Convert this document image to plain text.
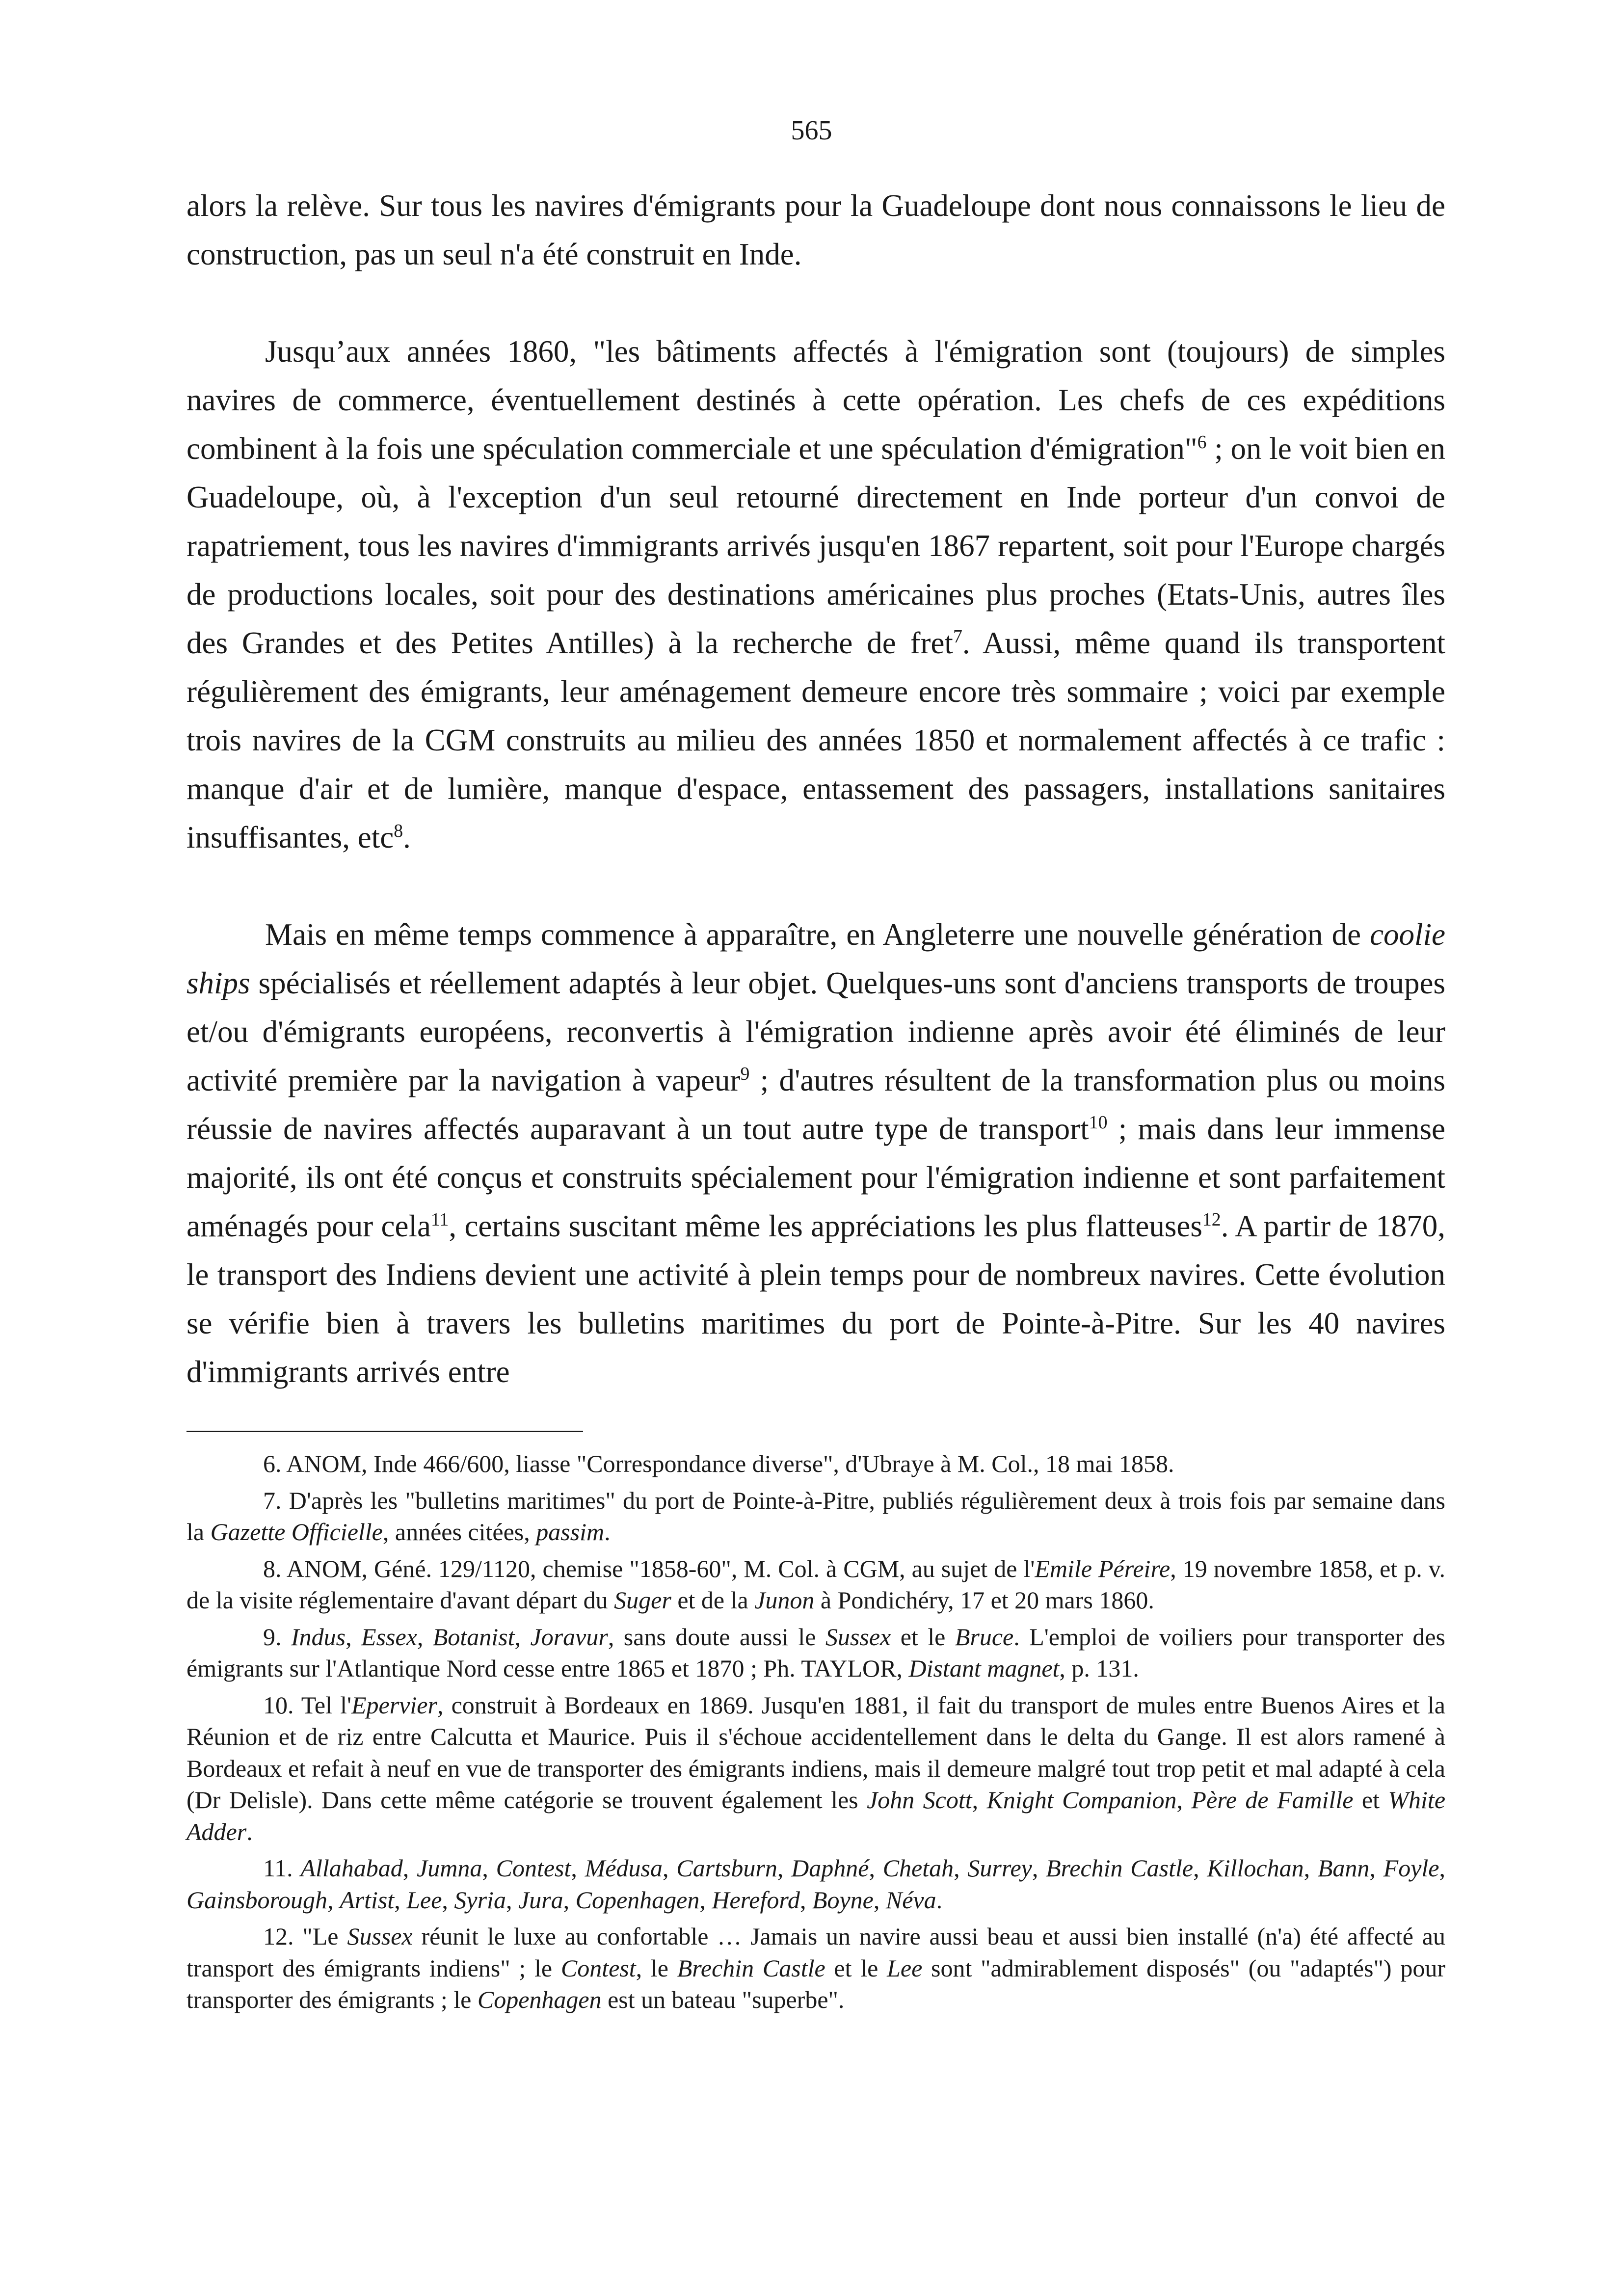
565

alors la relève. Sur tous les navires d'émigrants pour la Guadeloupe dont nous connaissons le lieu de construction, pas un seul n'a été construit en Inde.

Jusqu’aux années 1860, "les bâtiments affectés à l'émigration sont (toujours) de simples navires de commerce, éventuellement destinés à cette opération. Les chefs de ces expéditions combinent à la fois une spéculation commerciale et une spéculation d'émigration"$^6$ ; on le voit bien en Guadeloupe, où, à l'exception d'un seul retourné directement en Inde porteur d'un convoi de rapatriement, tous les navires d'immigrants arrivés jusqu'en 1867 repartent, soit pour l'Europe chargés de productions locales, soit pour des destinations américaines plus proches (Etats-Unis, autres îles des Grandes et des Petites Antilles) à la recherche de fret$^7$. Aussi, même quand ils transportent régulièrement des émigrants, leur aménagement demeure encore très sommaire ; voici par exemple trois navires de la CGM construits au milieu des années 1850 et normalement affectés à ce trafic : manque d'air et de lumière, manque d'espace, entassement des passagers, installations sanitaires insuffisantes, etc$^8$.

Mais en même temps commence à apparaître, en Angleterre une nouvelle génération de coolie ships spécialisés et réellement adaptés à leur objet. Quelques-uns sont d'anciens transports de troupes et/ou d'émigrants européens, reconvertis à l'émigration indienne après avoir été éliminés de leur activité première par la navigation à vapeur$^9$ ; d'autres résultent de la transformation plus ou moins réussie de navires affectés auparavant à un tout autre type de transport$^{10}$ ; mais dans leur immense majorité, ils ont été conçus et construits spécialement pour l'émigration indienne et sont parfaitement aménagés pour cela$^{11}$, certains suscitant même les appréciations les plus flatteuses$^{12}$. A partir de 1870, le transport des Indiens devient une activité à plein temps pour de nombreux navires. Cette évolution se vérifie bien à travers les bulletins maritimes du port de Pointe-à-Pitre. Sur les 40 navires d'immigrants arrivés entre

6. ANOM, Inde 466/600, liasse "Correspondance diverse", d'Ubraye à M. Col., 18 mai 1858.

7. D'après les "bulletins maritimes" du port de Pointe-à-Pitre, publiés régulièrement deux à trois fois par semaine dans la Gazette Officielle, années citées, passim.

8. ANOM, Géné. 129/1120, chemise "1858-60", M. Col. à CGM, au sujet de l'Emile Péreire, 19 novembre 1858, et p. v. de la visite réglementaire d'avant départ du Suger et de la Junon à Pondichéry, 17 et 20 mars 1860.

9. Indus, Essex, Botanist, Joravur, sans doute aussi le Sussex et le Bruce. L'emploi de voiliers pour transporter des émigrants sur l'Atlantique Nord cesse entre 1865 et 1870 ; Ph. TAYLOR, Distant magnet, p. 131.

10. Tel l'Epervier, construit à Bordeaux en 1869. Jusqu'en 1881, il fait du transport de mules entre Buenos Aires et la Réunion et de riz entre Calcutta et Maurice. Puis il s'échoue accidentellement dans le delta du Gange. Il est alors ramené à Bordeaux et refait à neuf en vue de transporter des émigrants indiens, mais il demeure malgré tout trop petit et mal adapté à cela (Dr Delisle). Dans cette même catégorie se trouvent également les John Scott, Knight Companion, Père de Famille et White Adder.

11. Allahabad, Jumna, Contest, Médusa, Cartsburn, Daphné, Chetah, Surrey, Brechin Castle, Killochan, Bann, Foyle, Gainsborough, Artist, Lee, Syria, Jura, Copenhagen, Hereford, Boyne, Néva.

12. "Le Sussex réunit le luxe au confortable … Jamais un navire aussi beau et aussi bien installé (n'a) été affecté au transport des émigrants indiens" ; le Contest, le Brechin Castle et le Lee sont "admirablement disposés" (ou "adaptés") pour transporter des émigrants ; le Copenhagen est un bateau "superbe".
